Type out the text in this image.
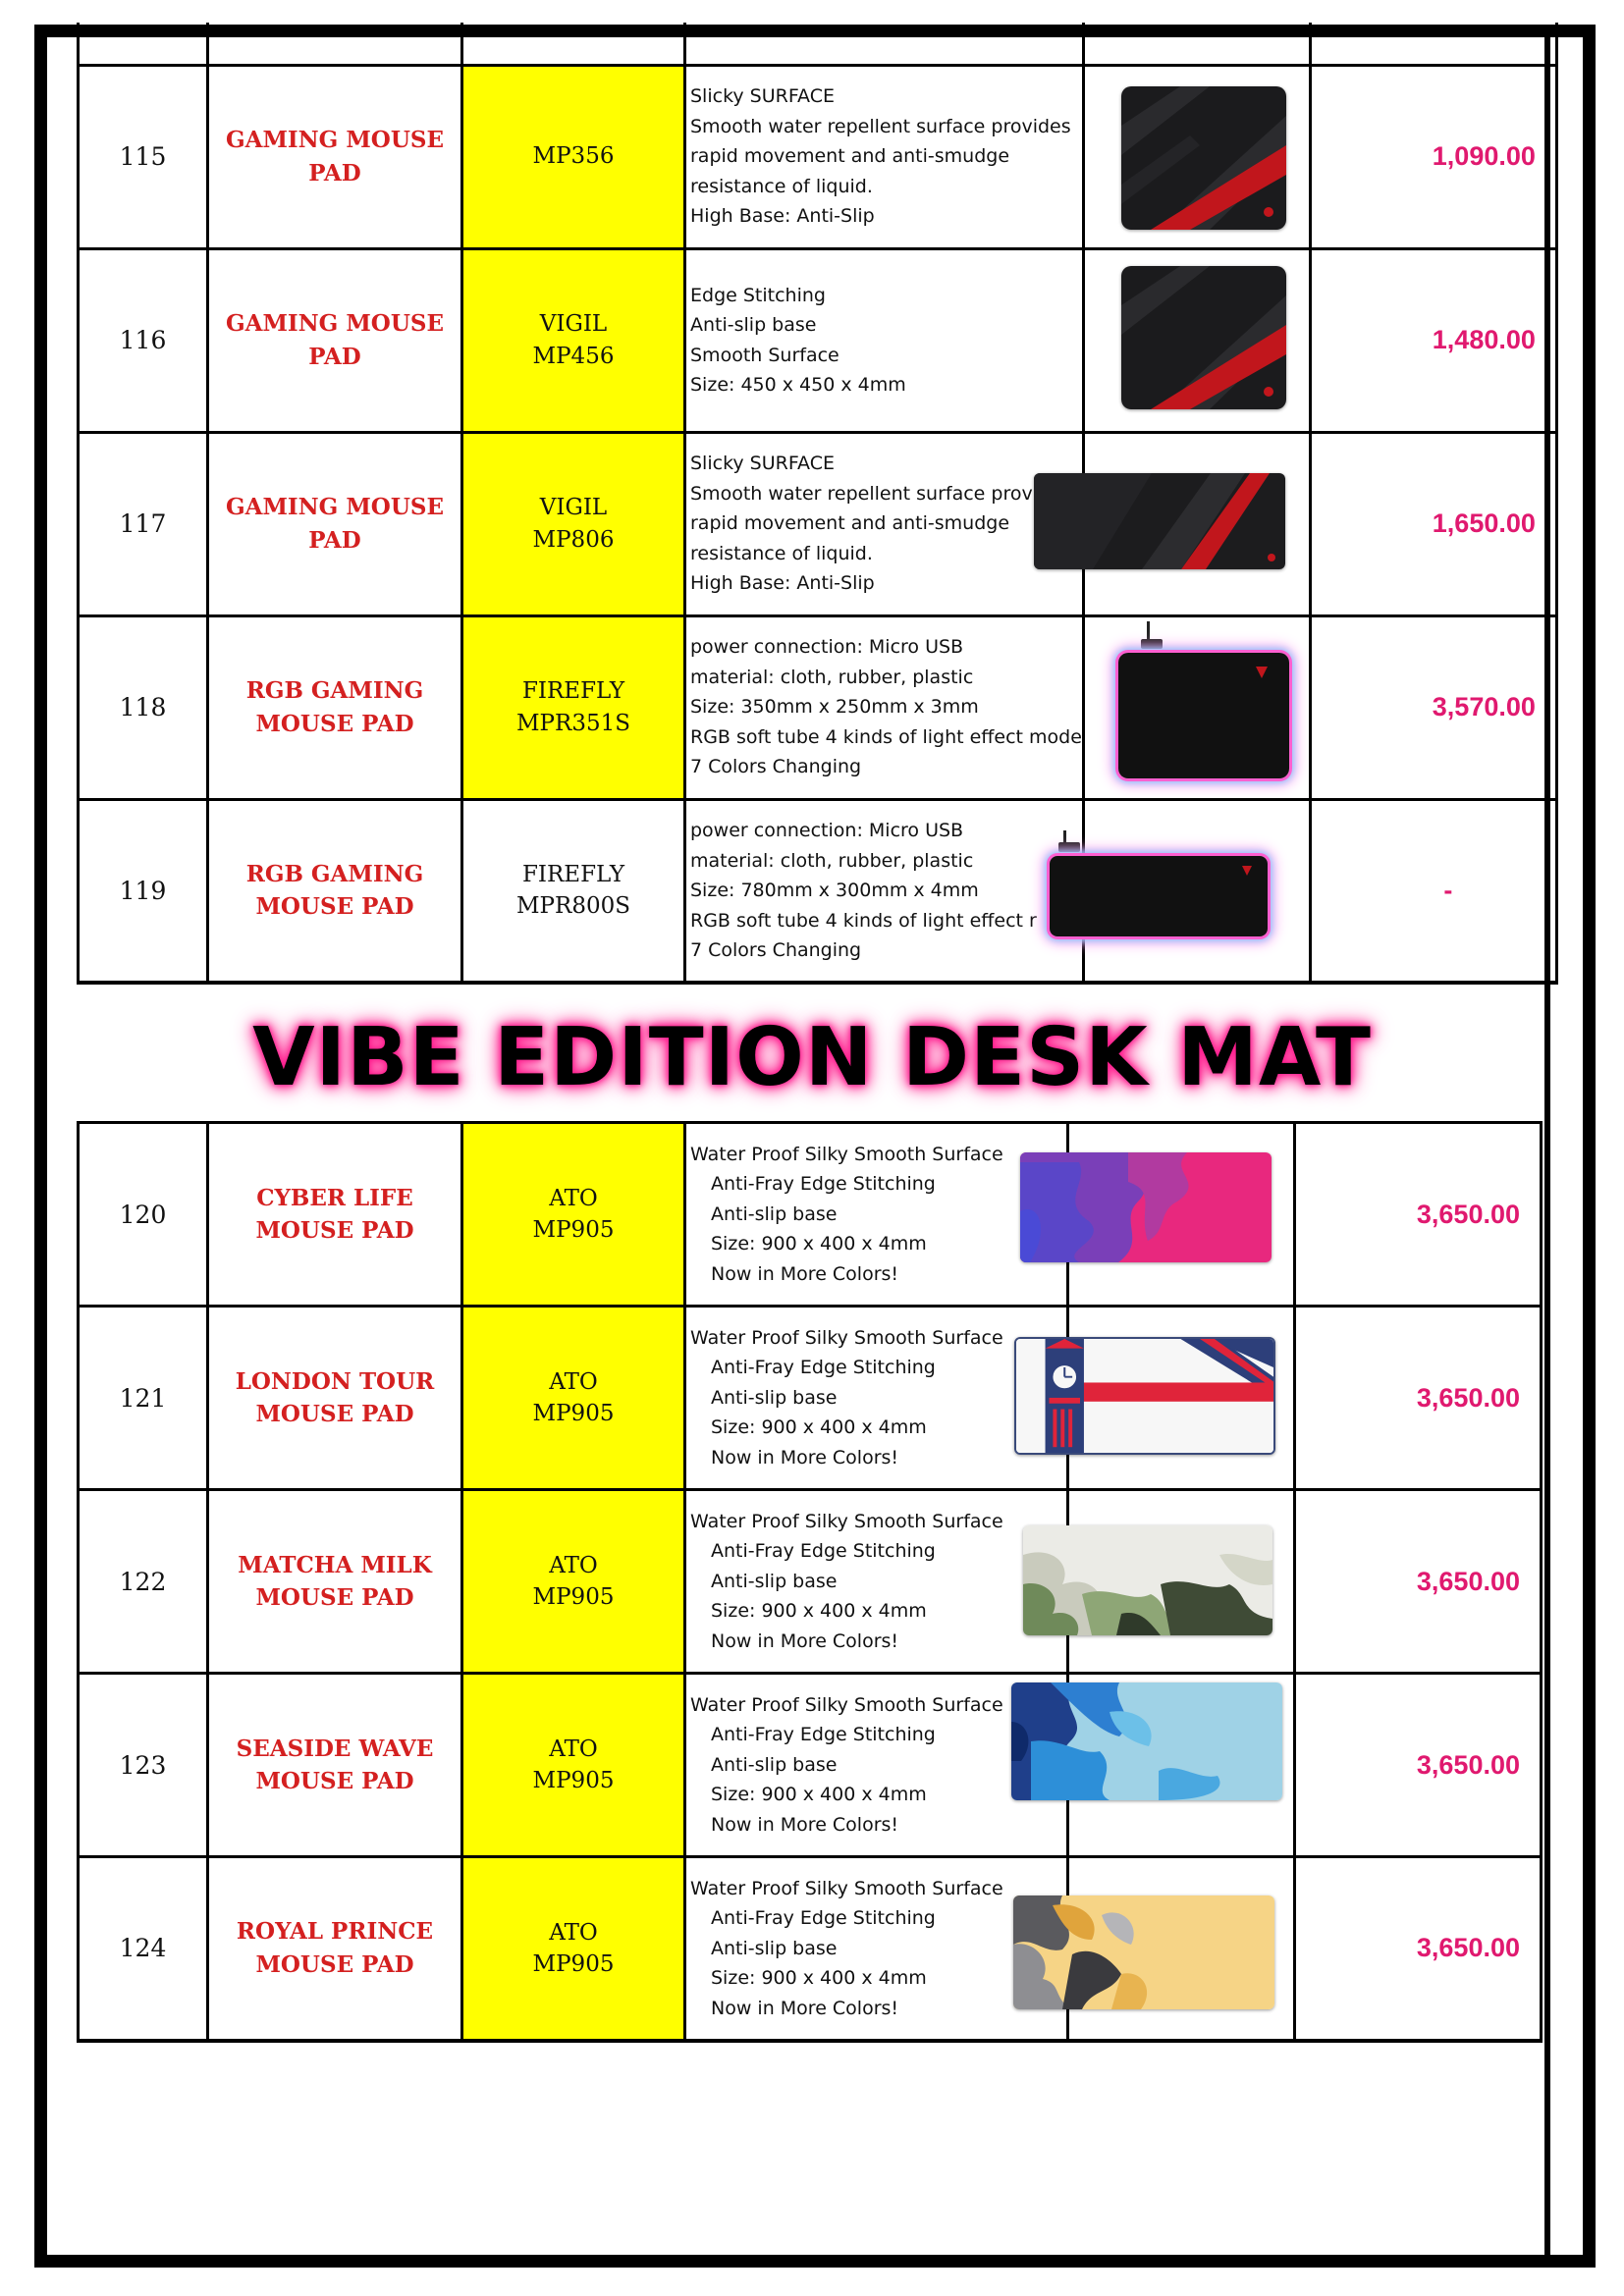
115	GAMING MOUSE PAD	MP356	Slicky SURFACE
Smooth water repellent surface provides
rapid movement and anti-smudge
resistance of liquid.
High Base: Anti-Slip		1,090.00
116	GAMING MOUSE PAD	VIGIL
MP456	Edge Stitching
Anti-slip base
Smooth Surface
Size: 450 x 450 x 4mm		1,480.00
117	GAMING MOUSE PAD	VIGIL
MP806	Slicky SURFACE
Smooth water repellent surface prov
rapid movement and anti-smudge
resistance of liquid.
High Base: Anti-Slip		1,650.00
118	RGB GAMING MOUSE PAD	FIREFLY
MPR351S	power connection: Micro USB
material: cloth, rubber, plastic
Size: 350mm x 250mm x 3mm
RGB soft tube 4 kinds of light effect mode
7 Colors Changing		3,570.00
119	RGB GAMING MOUSE PAD	FIREFLY
MPR800S	power connection: Micro USB
material: cloth, rubber, plastic
Size: 780mm x 300mm x 4mm
RGB soft tube 4 kinds of light effect r
7 Colors Changing		-
VIBE EDITION DESK MAT
120	CYBER LIFE
MOUSE PAD	ATO
MP905	Water Proof Silky Smooth Surface
Anti-Fray Edge Stitching
Anti-slip base
Size: 900 x 400 x 4mm
Now in More Colors!		3,650.00
121	LONDON TOUR
MOUSE PAD	ATO
MP905	Water Proof Silky Smooth Surface
Anti-Fray Edge Stitching
Anti-slip base
Size: 900 x 400 x 4mm
Now in More Colors!		3,650.00
122	MATCHA MILK
MOUSE PAD	ATO
MP905	Water Proof Silky Smooth Surface
Anti-Fray Edge Stitching
Anti-slip base
Size: 900 x 400 x 4mm
Now in More Colors!		3,650.00
123	SEASIDE WAVE
MOUSE PAD	ATO
MP905	Water Proof Silky Smooth Surface
Anti-Fray Edge Stitching
Anti-slip base
Size: 900 x 400 x 4mm
Now in More Colors!		3,650.00
124	ROYAL PRINCE
MOUSE PAD	ATO
MP905	Water Proof Silky Smooth Surface
Anti-Fray Edge Stitching
Anti-slip base
Size: 900 x 400 x 4mm
Now in More Colors!		3,650.00
